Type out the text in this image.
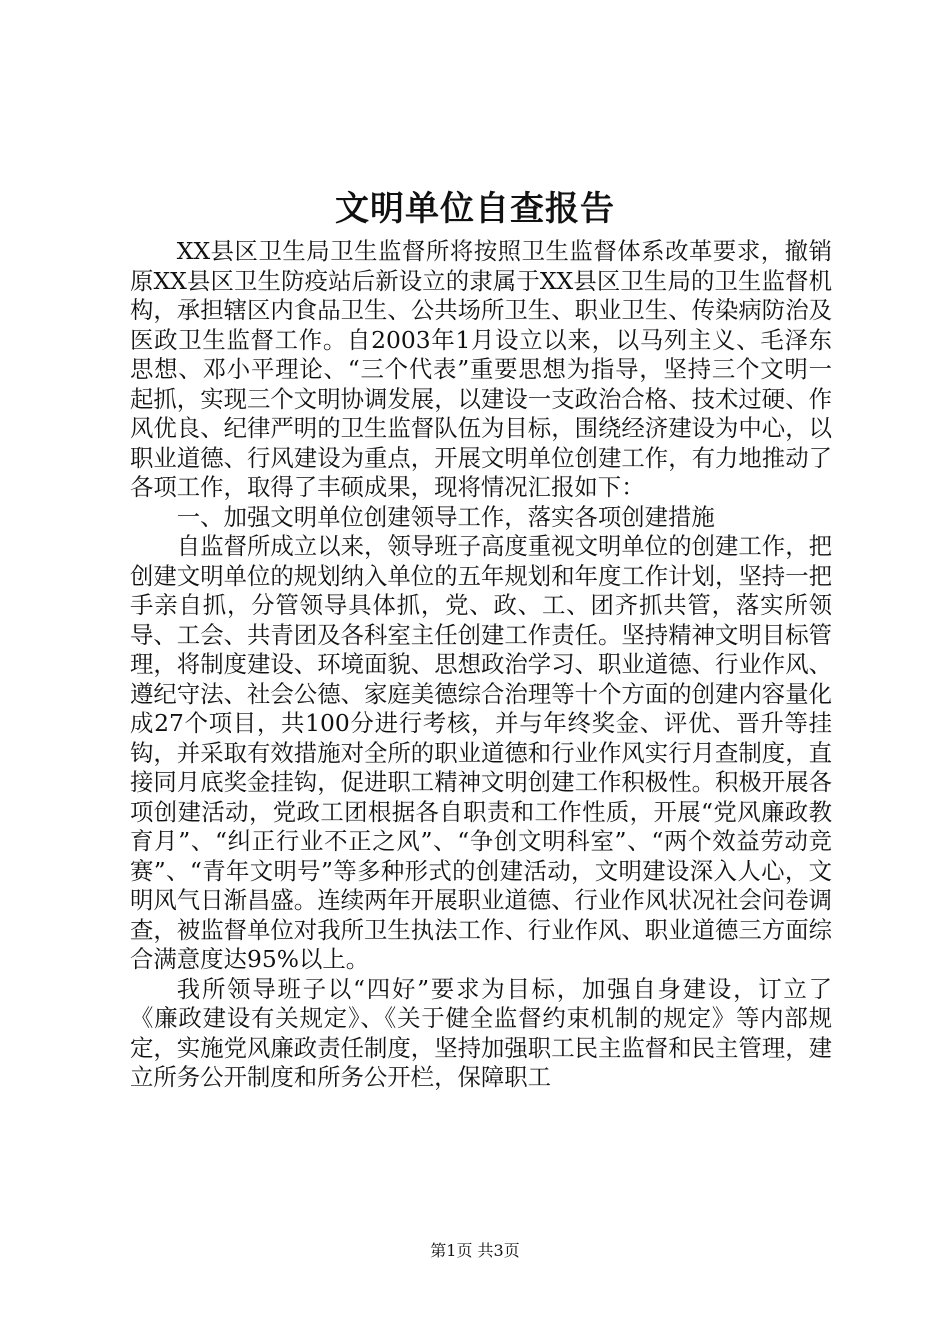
文明单位自查报告

XX县区卫生局卫生监督所将按照卫生监督体系改革要求，撤销原XX县区卫生防疫站后新设立的隶属于XX县区卫生局的卫生监督机构，承担辖区内食品卫生、公共场所卫生、职业卫生、传染病防治及医政卫生监督工作。自2003年1月设立以来，以马列主义、毛泽东思想、邓小平理论、“三个代表”重要思想为指导，坚持三个文明一起抓，实现三个文明协调发展，以建设一支政治合格、技术过硬、作风优良、纪律严明的卫生监督队伍为目标，围绕经济建设为中心，以职业道德、行风建设为重点，开展文明单位创建工作，有力地推动了各项工作，取得了丰硕成果，现将情况汇报如下：

一、加强文明单位创建领导工作，落实各项创建措施

自监督所成立以来，领导班子高度重视文明单位的创建工作，把创建文明单位的规划纳入单位的五年规划和年度工作计划，坚持一把手亲自抓，分管领导具体抓，党、政、工、团齐抓共管，落实所领导、工会、共青团及各科室主任创建工作责任。坚持精神文明目标管理，将制度建设、环境面貌、思想政治学习、职业道德、行业作风、遵纪守法、社会公德、家庭美德综合治理等十个方面的创建内容量化成27个项目，共100分进行考核，并与年终奖金、评优、晋升等挂钩，并采取有效措施对全所的职业道德和行业作风实行月查制度，直接同月底奖金挂钩，促进职工精神文明创建工作积极性。积极开展各项创建活动，党政工团根据各自职责和工作性质，开展“党风廉政教育月”、“纠正行业不正之风”、“争创文明科室”、“两个效益劳动竞赛”、“青年文明号”等多种形式的创建活动，文明建设深入人心，文明风气日渐昌盛。连续两年开展职业道德、行业作风状况社会问卷调查，被监督单位对我所卫生执法工作、行业作风、职业道德三方面综合满意度达95%以上。

我所领导班子以“四好”要求为目标，加强自身建设，订立了《廉政建设有关规定》、《关于健全监督约束机制的规定》等内部规定，实施党风廉政责任制度，坚持加强职工民主监督和民主管理，建立所务公开制度和所务公开栏，保障职工

第1页 共3页
